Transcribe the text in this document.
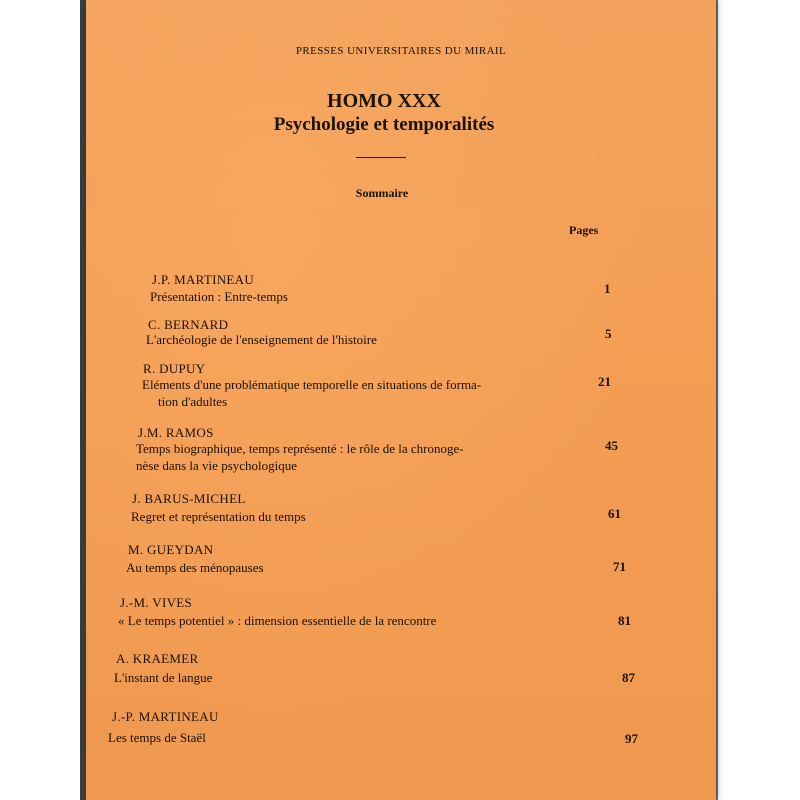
PRESSES UNIVERSITAIRES DU MIRAIL
HOMO XXX
Psychologie et temporalités
Sommaire
Pages
J.P. MARTINEAU
Présentation : Entre-temps
1
C. BERNARD
L'archéologie de l'enseignement de l'histoire	5
R. DUPUY
Eléments d'une problématique temporelle en situations de forma-
tion d'adultes
21
J.M. RAMOS
Temps biographique, temps représenté : le rôle de la chronoge-
nèse dans la vie psychologique
45
J. BARUS-MICHEL
Regret et représentation du temps	61
M. GUEYDAN
Au temps des ménopauses	71
J.-M. VIVES
« Le temps potentiel » : dimension essentielle de la rencontre	81
A. KRAEMER
L'instant de langue	87
J.-P. MARTINEAU
Les temps de Staël	97
